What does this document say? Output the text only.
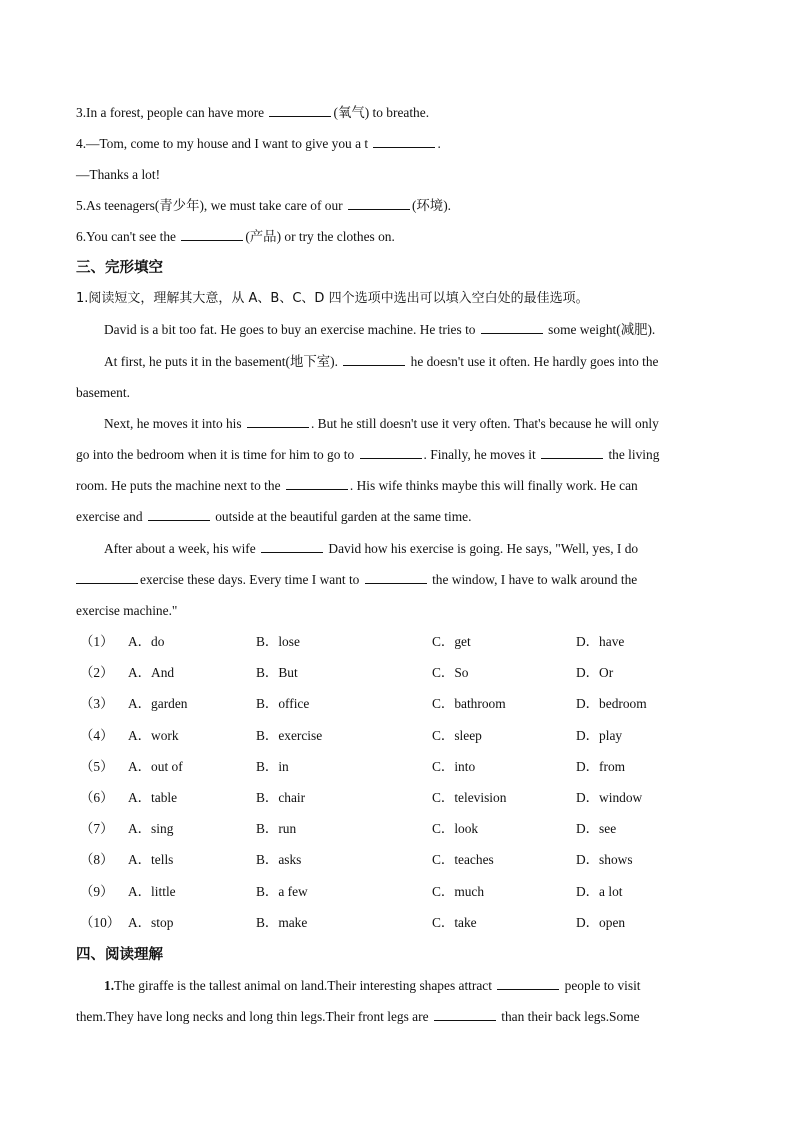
3.In a forest, people can have more	(氧气) to breathe.
4.—Tom, come to my house and I want to give you a t	.
—Thanks a lot!
5.As teenagers(青少年), we must take care of our	(环境).
6.You can't see the	(产品) or try the clothes on.
三、完形填空
1.阅读短文，理解其大意，从 A、B、C、D 四个选项中选出可以填入空白处的最佳选项。
David is a bit too fat. He goes to buy an exercise machine. He tries to	some weight(减肥).
At first, he puts it in the basement(地下室).	he doesn't use it often. He hardly goes into the
basement.
Next, he moves it into his	. But he still doesn't use it very often. That's because he will only
go into the bedroom when it is time for him to go to	. Finally, he moves it	the living
room. He puts the machine next to the	. His wife thinks maybe this will finally work. He can
exercise and	outside at the beautiful garden at the same time.
After about a week, his wife	David how his exercise is going. He says, "Well, yes, I do
exercise these days. Every time I want to	the window, I have to walk around the
exercise machine."
（1） A．do	B．lose	C．get	D．have
（2） A．And	B．But	C．So	D．Or
（3） A．garden	B．office	C．bathroom	D．bedroom
（4） A．work	B．exercise	C．sleep	D．play
（5） A．out of	B．in	C．into	D．from
（6） A．table	B．chair	C．television	D．window
（7） A．sing	B．run	C．look	D．see
（8） A．tells	B．asks	C．teaches	D．shows
（9） A．little	B．a few	C．much	D．a lot
（10） A．stop	B．make	C．take	D．open
四、阅读理解
1.The giraffe is the tallest animal on land.Their interesting shapes attract	people to visit
them.They have long necks and long thin legs.Their front legs are	than their back legs.Some
